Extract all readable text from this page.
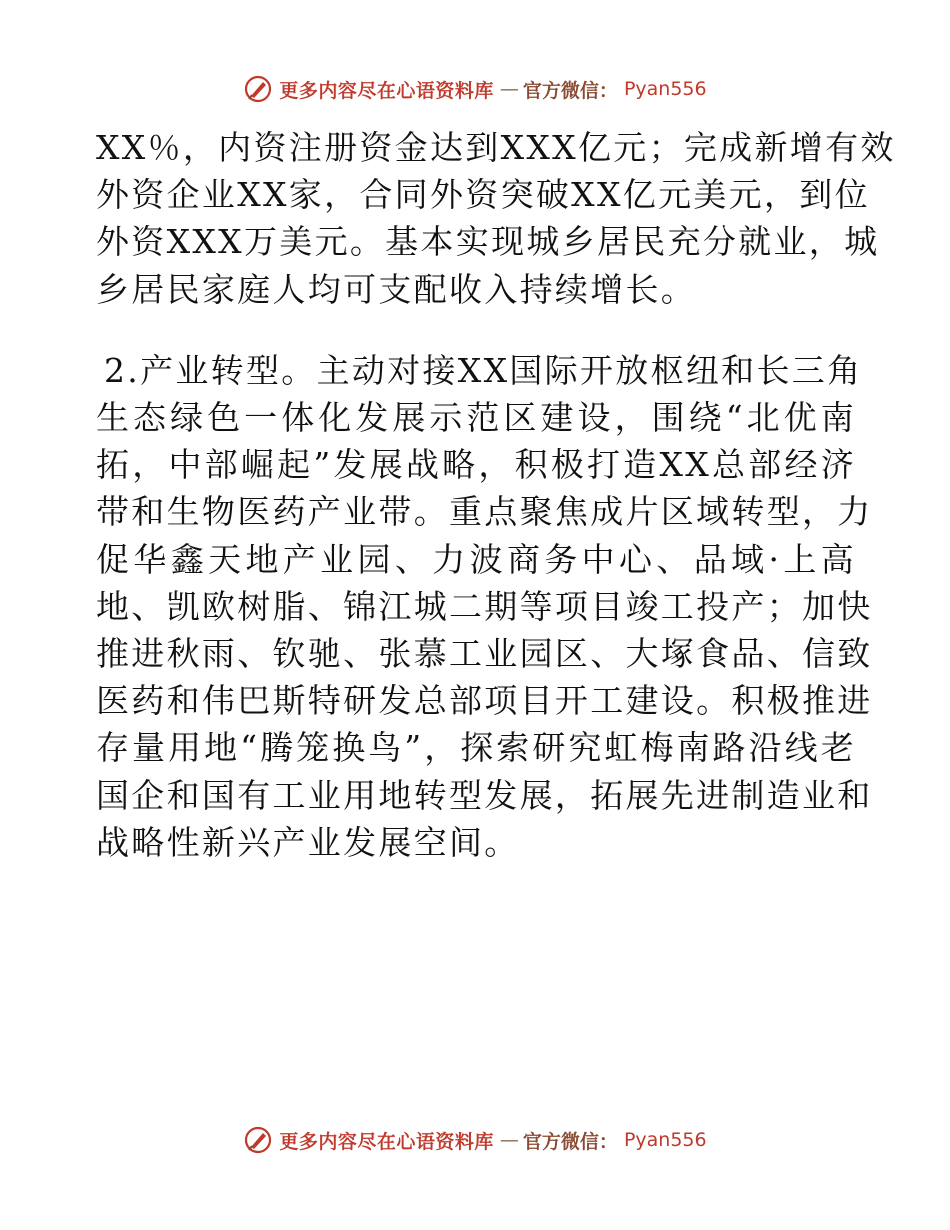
更多内容尽在心语资料库 — 官方微信： Pyan556

XX％，内资注册资金达到XXX亿元；完成新增有效
外资企业XX家，合同外资突破XX亿元美元，到位
外资XXX万美元。基本实现城乡居民充分就业，城
乡居民家庭人均可支配收入持续增长。

2.产业转型。主动对接XX国际开放枢纽和长三角
生态绿色一体化发展示范区建设，围绕“北优南
拓，中部崛起”发展战略，积极打造XX总部经济
带和生物医药产业带。重点聚焦成片区域转型，力
促华鑫天地产业园、力波商务中心、品域·上高
地、凯欧树脂、锦江城二期等项目竣工投产；加快
推进秋雨、钦驰、张慕工业园区、大塚食品、信致
医药和伟巴斯特研发总部项目开工建设。积极推进
存量用地“腾笼换鸟”，探索研究虹梅南路沿线老
国企和国有工业用地转型发展，拓展先进制造业和
战略性新兴产业发展空间。

更多内容尽在心语资料库 — 官方微信： Pyan556
